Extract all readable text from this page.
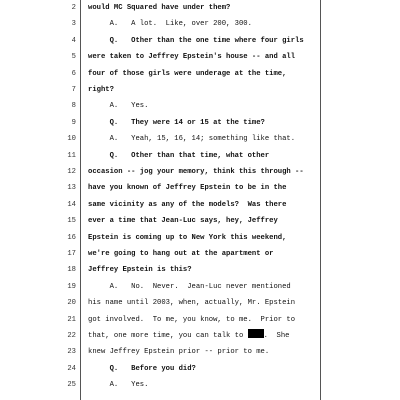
2 would MC Squared have under them?
3 A.   A lot.  Like, over 200, 300.
4 Q.   Other than the one time where four girls
5 were taken to Jeffrey Epstein's house -- and all
6 four of those girls were underage at the time,
7 right?
8 A.   Yes.
9 Q.   They were 14 or 15 at the time?
10 A.   Yeah, 15, 16, 14; something like that.
11 Q.   Other than that time, what other
12 occasion -- jog your memory, think this through --
13 have you known of Jeffrey Epstein to be in the
14 same vicinity as any of the models?  Was there
15 ever a time that Jean-Luc says, hey, Jeffrey
16 Epstein is coming up to New York this weekend,
17 we're going to hang out at the apartment or
18 Jeffrey Epstein is this?
19 A.   No.  Never.  Jean-Luc never mentioned
20 his name until 2003, when, actually, Mr. Epstein
21 got involved.  To me, you know, to me.  Prior to
22 that, one more time, you can talk to .  She
23 knew Jeffrey Epstein prior -- prior to me.
24 Q.   Before you did?
25 A.   Yes.
